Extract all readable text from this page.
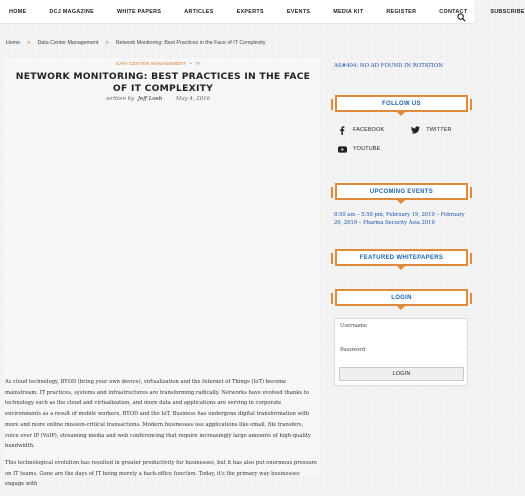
HOME	DCJ MAGAZINE	WHITE PAPERS	ARTICLES	EXPERTS	EVENTS	MEDIA KIT	REGISTER	CONTACT	SUBSCRIBE
Home » Data Center Management » Network Monitoring: Best Practices in the Face of IT Complexity
DATA CENTER MANAGEMENT • IT
NETWORK MONITORING: BEST PRACTICES IN THE FACE OF IT COMPLEXITY
written by Jeff Loeb	May 4, 2016

As cloud technology, BYOD (bring your own device), virtualization and the Internet of Things (IoT) become mainstream, IT practices, systems and infrastructures are transforming radically. Networks have evolved thanks to technology such as the cloud and virtualization, and more data and applications are serving in corporate environments as a result of mobile workers, BYOD and the IoT. Business has undergone digital transformation with more and more online mission-critical transactions. Modern businesses use applications like email, file transfers, voice over IP (VoIP), streaming media and web conferencing that require increasingly large amounts of high-quality bandwidth.

This technological evolution has resulted in greater productivity for businesses, but it has also put enormous pressure on IT teams. Gone are the days of IT being merely a back-office function. Today, it's the primary way businesses engage with

AS#404: NO AD FOUND IN ROTATION
FOLLOW US
FACEBOOK	TWITTER
YOUTUBE
UPCOMING EVENTS
8:50 am – 5:50 pm, February 19, 2019 – February 20, 2019 – Pharma Security Asia 2019
FEATURED WHITEPAPERS
LOGIN
Username
Password
LOGIN
